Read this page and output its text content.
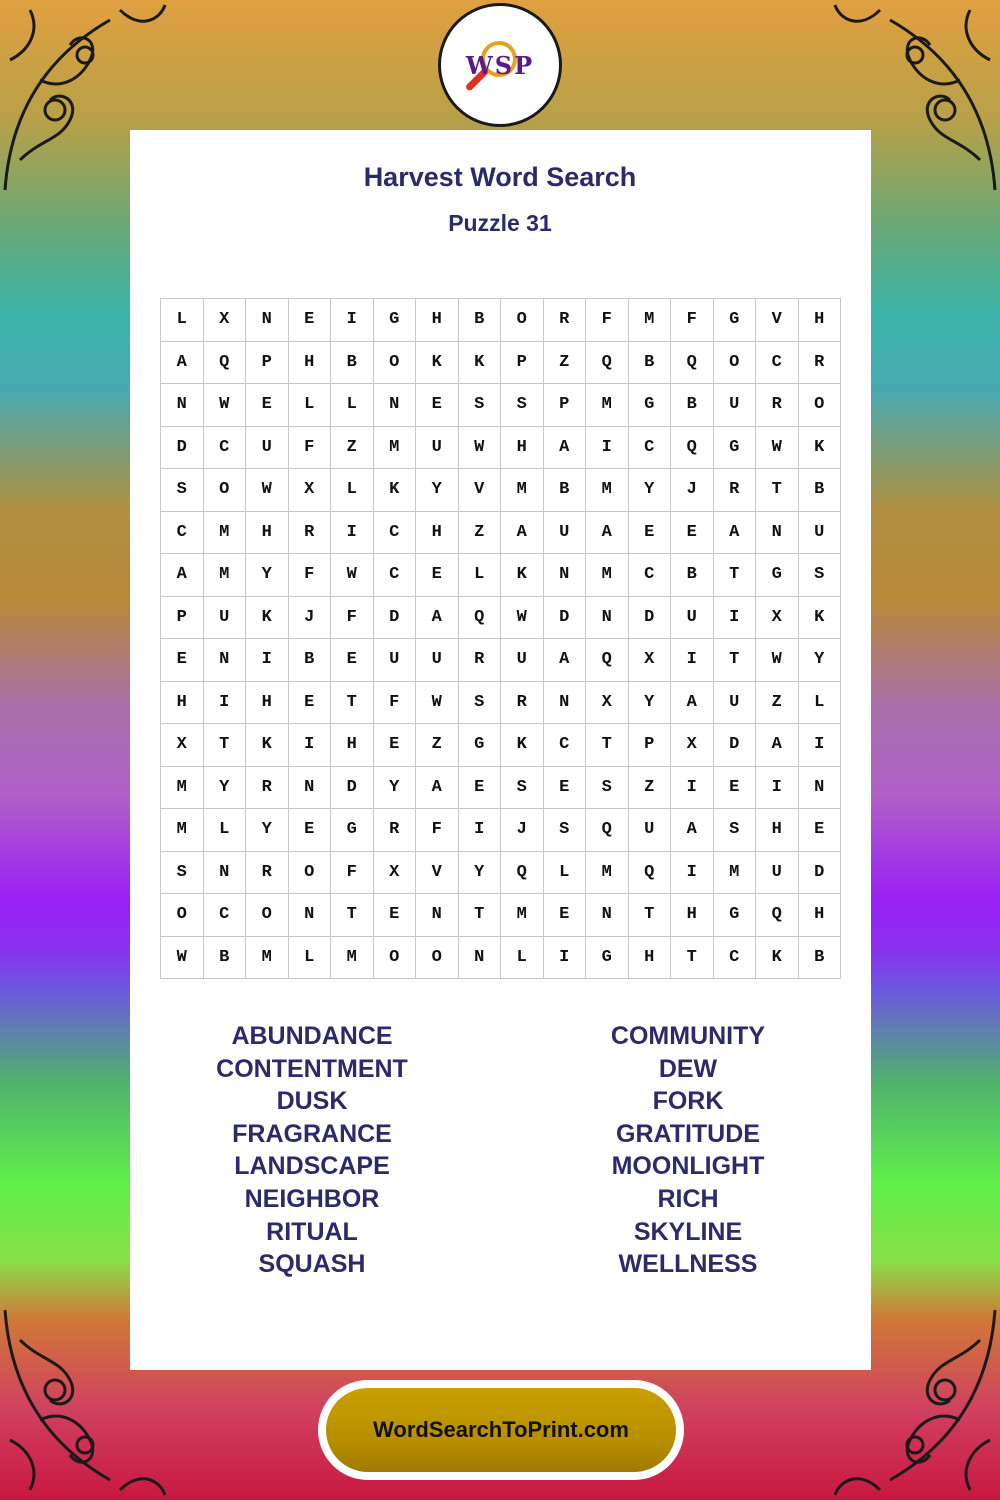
WSP
Harvest Word Search
Puzzle 31
L	X	N	E	I	G	H	B	O	R	F	M	F	G	V	H
A	Q	P	H	B	O	K	K	P	Z	Q	B	Q	O	C	R
N	W	E	L	L	N	E	S	S	P	M	G	B	U	R	O
D	C	U	F	Z	M	U	W	H	A	I	C	Q	G	W	K
S	O	W	X	L	K	Y	V	M	B	M	Y	J	R	T	B
C	M	H	R	I	C	H	Z	A	U	A	E	E	A	N	U
A	M	Y	F	W	C	E	L	K	N	M	C	B	T	G	S
P	U	K	J	F	D	A	Q	W	D	N	D	U	I	X	K
E	N	I	B	E	U	U	R	U	A	Q	X	I	T	W	Y
H	I	H	E	T	F	W	S	R	N	X	Y	A	U	Z	L
X	T	K	I	H	E	Z	G	K	C	T	P	X	D	A	I
M	Y	R	N	D	Y	A	E	S	E	S	Z	I	E	I	N
M	L	Y	E	G	R	F	I	J	S	Q	U	A	S	H	E
S	N	R	O	F	X	V	Y	Q	L	M	Q	I	M	U	D
O	C	O	N	T	E	N	T	M	E	N	T	H	G	Q	H
W	B	M	L	M	O	O	N	L	I	G	H	T	C	K	B
ABUNDANCE
CONTENTMENT
DUSK
FRAGRANCE
LANDSCAPE
NEIGHBOR
RITUAL
SQUASH
COMMUNITY
DEW
FORK
GRATITUDE
MOONLIGHT
RICH
SKYLINE
WELLNESS
WordSearchToPrint.com
